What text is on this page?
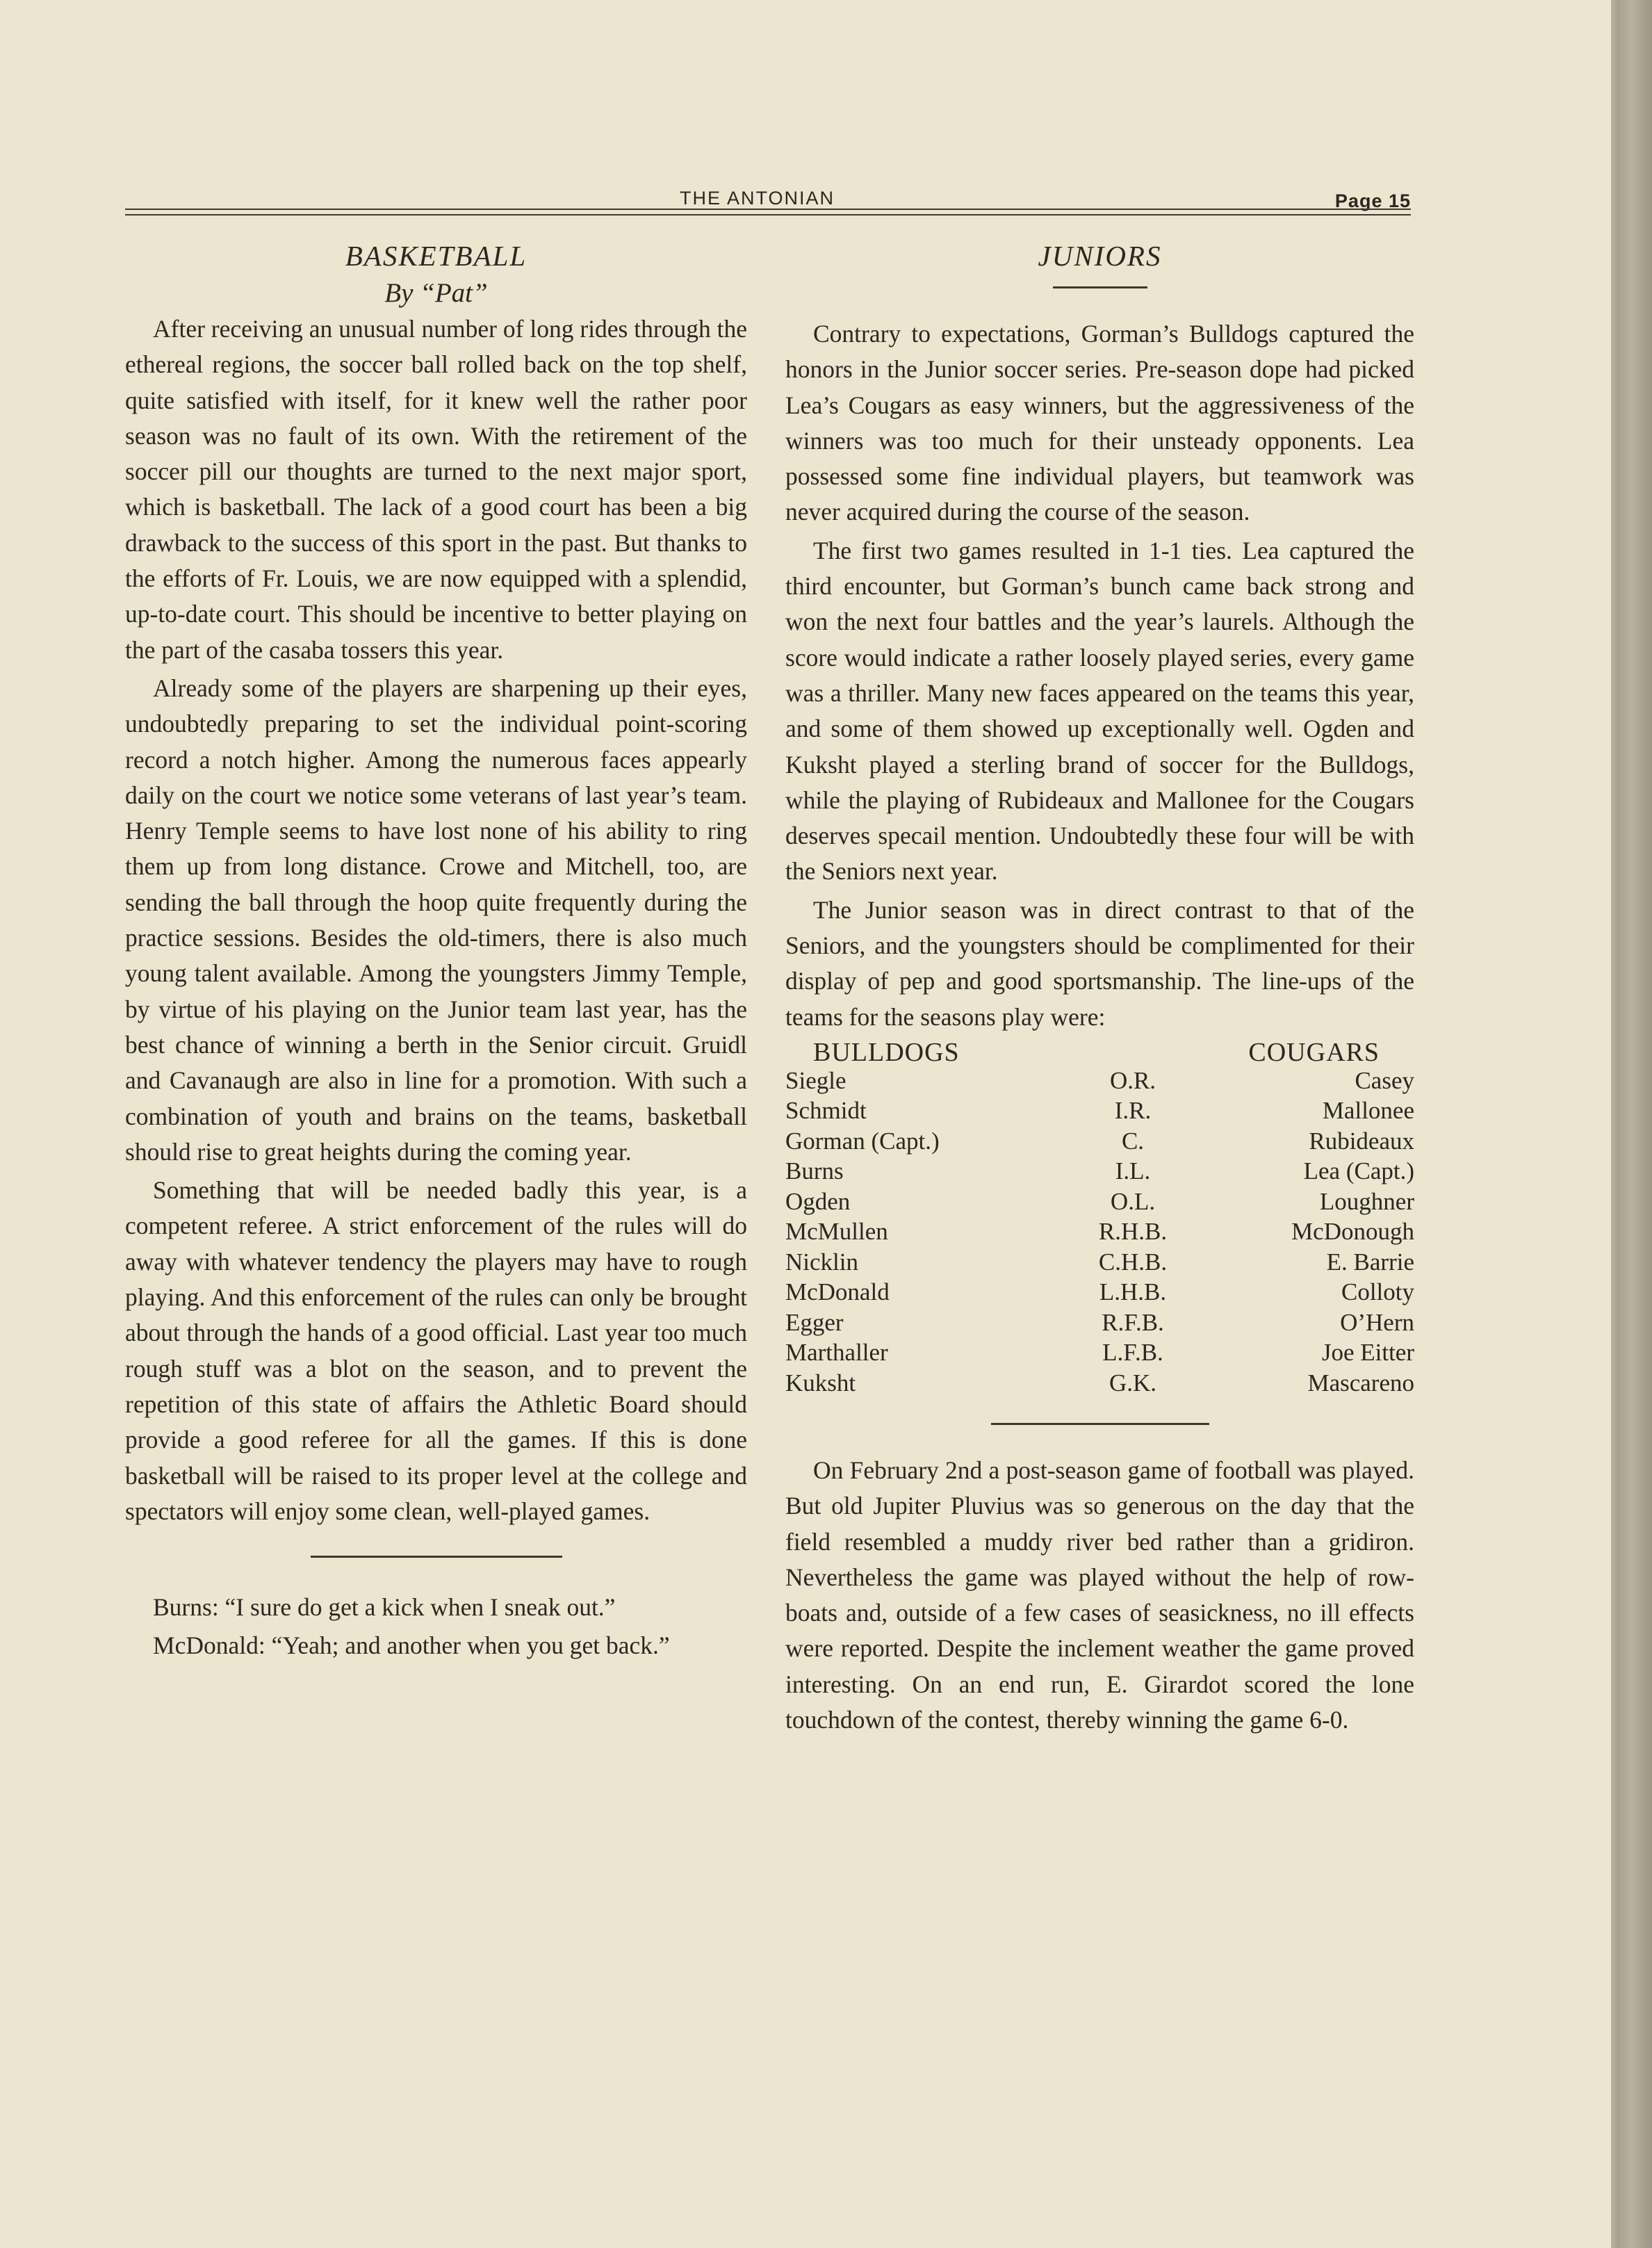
THE ANTONIAN	Page 15
BASKETBALL
By “Pat”

After receiving an unusual number of long rides through the ethereal regions, the soccer ball rolled back on the top shelf, quite satisfied with itself, for it knew well the rather poor season was no fault of its own. With the retirement of the soccer pill our thoughts are turned to the next major sport, which is basketball. The lack of a good court has been a big drawback to the success of this sport in the past. But thanks to the efforts of Fr. Louis, we are now equipped with a splendid, up-to-date court. This should be incentive to better playing on the part of the casaba tossers this year.

Already some of the players are sharpening up their eyes, undoubtedly preparing to set the individual point-scoring record a notch higher. Among the numerous faces appearly daily on the court we notice some veterans of last year’s team. Henry Temple seems to have lost none of his ability to ring them up from long distance. Crowe and Mitchell, too, are sending the ball through the hoop quite frequently during the practice sessions. Besides the old-timers, there is also much young talent available. Among the youngsters Jimmy Temple, by virtue of his playing on the Junior team last year, has the best chance of winning a berth in the Senior circuit. Gruidl and Cavanaugh are also in line for a promotion. With such a combination of youth and brains on the teams, basketball should rise to great heights during the coming year.

Something that will be needed badly this year, is a competent referee. A strict enforcement of the rules will do away with whatever tendency the players may have to rough playing. And this enforcement of the rules can only be brought about through the hands of a good official. Last year too much rough stuff was a blot on the season, and to prevent the repetition of this state of affairs the Athletic Board should provide a good referee for all the games. If this is done basketball will be raised to its proper level at the college and spectators will enjoy some clean, well-played games.

Burns: “I sure do get a kick when I sneak out.”

McDonald: “Yeah; and another when you get back.”

JUNIORS

Contrary to expectations, Gorman’s Bulldogs captured the honors in the Junior soccer series. Pre-season dope had picked Lea’s Cougars as easy winners, but the aggressiveness of the winners was too much for their unsteady opponents. Lea possessed some fine individual players, but teamwork was never acquired during the course of the season.

The first two games resulted in 1-1 ties. Lea captured the third encounter, but Gorman’s bunch came back strong and won the next four battles and the year’s laurels. Although the score would indicate a rather loosely played series, every game was a thriller. Many new faces appeared on the teams this year, and some of them showed up exceptionally well. Ogden and Kuksht played a sterling brand of soccer for the Bulldogs, while the playing of Rubideaux and Mallonee for the Cougars deserves specail mention. Undoubtedly these four will be with the Seniors next year.

The Junior season was in direct contrast to that of the Seniors, and the youngsters should be complimented for their display of pep and good sportsmanship. The line-ups of the teams for the seasons play were:

BULLDOGS	COUGARS
Siegle	O.R.	Casey
Schmidt	I.R.	Mallonee
Gorman (Capt.)	C.	Rubideaux
Burns	I.L.	Lea (Capt.)
Ogden	O.L.	Loughner
McMullen	R.H.B.	McDonough
Nicklin	C.H.B.	E. Barrie
McDonald	L.H.B.	Colloty
Egger	R.F.B.	O’Hern
Marthaller	L.F.B.	Joe Eitter
Kuksht	G.K.	Mascareno

On February 2nd a post-season game of football was played. But old Jupiter Pluvius was so generous on the day that the field resembled a muddy river bed rather than a gridiron. Nevertheless the game was played without the help of row-boats and, outside of a few cases of seasickness, no ill effects were reported. Despite the inclement weather the game proved interesting. On an end run, E. Girardot scored the lone touchdown of the contest, thereby winning the game 6-0.
